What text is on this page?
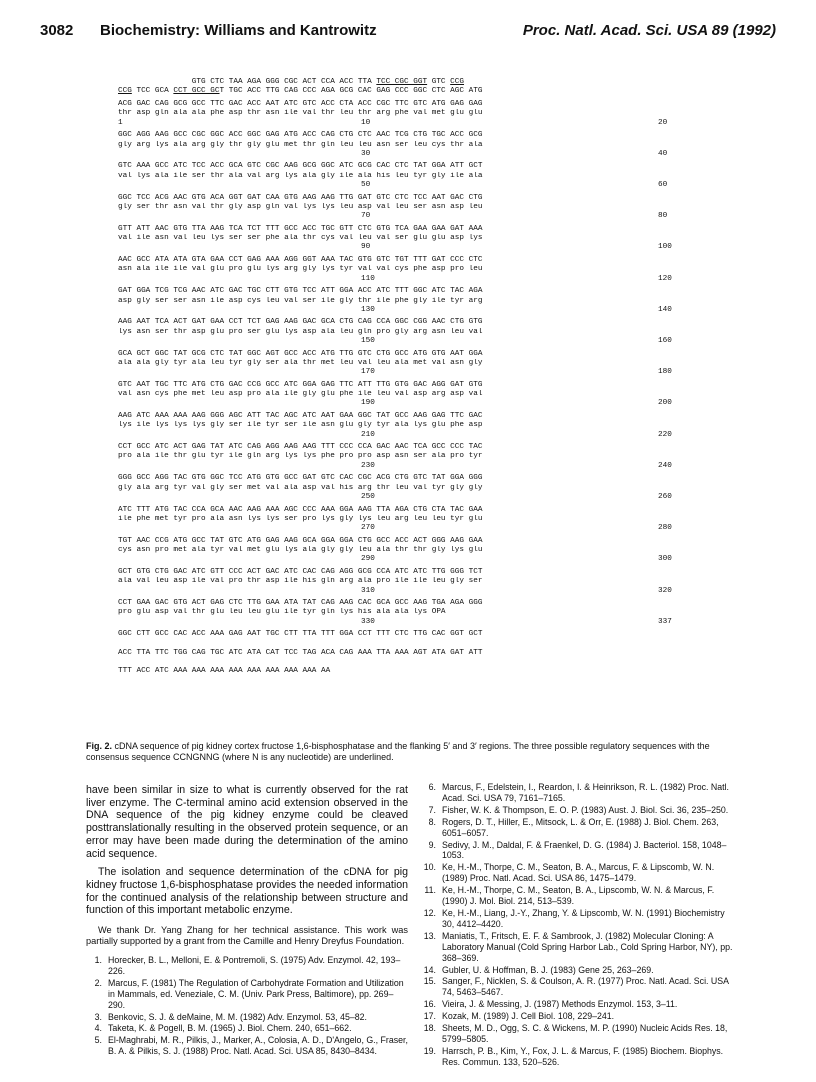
3082 Biochemistry: Williams and Kantrowitz	Proc. Natl. Acad. Sci. USA 89 (1992)
GTG CTC TAA AGA GGG CGC ACT CCA ACC TTA TCC CGC GGT GTC CCG
CCG TCC GCA CCT GCC GCT TGC ACC TTG CAG CCC AGA GCG CAC GAG CCC GGC CTC AGC ATG
ACG GAC CAG GCG GCC TTC GAC ACC AAT ATC GTC ACC CTA ACC CGC TTC GTC ATG GAG GAG
thr asp gln ala ala phe asp thr asn ile val thr leu thr arg phe val met glu glu
1	10	20
GGC AGG AAG GCC CGC GGC ACC GGC GAG ATG ACC CAG CTG CTC AAC TCG CTG TGC ACC GCG
gly arg lys ala arg gly thr gly glu met thr gln leu leu asn ser leu cys thr ala
30	40
GTC AAA GCC ATC TCC ACC GCA GTC CGC AAG GCG GGC ATC GCG CAC CTC TAT GGA ATT GCT
val lys ala ile ser thr ala val arg lys ala gly ile ala his leu tyr gly ile ala
50	60
GGC TCC ACG AAC GTG ACA GGT GAT CAA GTG AAG AAG TTG GAT GTC CTC TCC AAT GAC CTG
gly ser thr asn val thr gly asp gln val lys lys leu asp val leu ser asn asp leu
70	80
GTT ATT AAC GTG TTA AAG TCA TCT TTT GCC ACC TGC GTT CTC GTG TCA GAA GAA GAT AAA
val ile asn val leu lys ser ser phe ala thr cys val leu val ser glu glu asp lys
90	100
AAC GCC ATA ATA GTA GAA CCT GAG AAA AGG GGT AAA TAC GTG GTC TGT TTT GAT CCC CTC
asn ala ile ile val glu pro glu lys arg gly lys tyr val val cys phe asp pro leu
110	120
GAT GGA TCG TCG AAC ATC GAC TGC CTT GTG TCC ATT GGA ACC ATC TTT GGC ATC TAC AGA
asp gly ser ser asn ile asp cys leu val ser ile gly thr ile phe gly ile tyr arg
130	140
AAG AAT TCA ACT GAT GAA CCT TCT GAG AAG GAC GCA CTG CAG CCA GGC CGG AAC CTG GTG
lys asn ser thr asp glu pro ser glu lys asp ala leu gln pro gly arg asn leu val
150	160
GCA GCT GGC TAT GCG CTC TAT GGC AGT GCC ACC ATG TTG GTC CTG GCC ATG GTG AAT GGA
ala ala gly tyr ala leu tyr gly ser ala thr met leu val leu ala met val asn gly
170	180
GTC AAT TGC TTC ATG CTG GAC CCG GCC ATC GGA GAG TTC ATT TTG GTG GAC AGG GAT GTG
val asn cys phe met leu asp pro ala ile gly glu phe ile leu val asp arg asp val
190	200
AAG ATC AAA AAA AAG GGG AGC ATT TAC AGC ATC AAT GAA GGC TAT GCC AAG GAG TTC GAC
lys ile lys lys lys gly ser ile tyr ser ile asn glu gly tyr ala lys glu phe asp
210	220
CCT GCC ATC ACT GAG TAT ATC CAG AGG AAG AAG TTT CCC CCA GAC AAC TCA GCC CCC TAC
pro ala ile thr glu tyr ile gln arg lys lys phe pro pro asp asn ser ala pro tyr
230	240
GGG GCC AGG TAC GTG GGC TCC ATG GTG GCC GAT GTC CAC CGC ACG CTG GTC TAT GGA GGG
gly ala arg tyr val gly ser met val ala asp val his arg thr leu val tyr gly gly
250	260
ATC TTT ATG TAC CCA GCA AAC AAG AAA AGC CCC AAA GGA AAG TTA AGA CTG CTA TAC GAA
ile phe met tyr pro ala asn lys lys ser pro lys gly lys leu arg leu leu tyr glu
270	280
TGT AAC CCG ATG GCC TAT GTC ATG GAG AAG GCA GGA GGA CTG GCC ACC ACT GGG AAG GAA
cys asn pro met ala tyr val met glu lys ala gly gly leu ala thr thr gly lys glu
290	300
GCT GTG CTG GAC ATC GTT CCC ACT GAC ATC CAC CAG AGG GCG CCA ATC ATC TTG GGG TCT
ala val leu asp ile val pro thr asp ile his gln arg ala pro ile ile leu gly ser
310	320
CCT GAA GAC GTG ACT GAG CTC TTG GAA ATA TAT CAG AAG CAC GCA GCC AAG TGA AGA GGG
pro glu asp val thr glu leu leu glu ile tyr gln lys his ala ala lys OPA
330	337
GGC CTT GCC CAC ACC AAA GAG AAT TGC CTT TTA TTT GGA CCT TTT CTC TTG CAC GGT GCT
ACC TTA TTC TGG CAG TGC ATC ATA CAT TCC TAG ACA CAG AAA TTA AAA AGT ATA GAT ATT
TTT ACC ATC AAA AAA AAA AAA AAA AAA AAA AAA AA
Fig. 2. cDNA sequence of pig kidney cortex fructose 1,6-bisphosphatase and the flanking 5′ and 3′ regions. The three possible regulatory sequences with the consensus sequence CCNGNNG (where N is any nucleotide) are underlined.

have been similar in size to what is currently observed for the rat liver enzyme. The C-terminal amino acid extension observed in the DNA sequence of the pig kidney enzyme could be cleaved posttranslationally resulting in the observed protein sequence, or an error may have been made during the determination of the amino acid sequence.

The isolation and sequence determination of the cDNA for pig kidney fructose 1,6-bisphosphatase provides the needed information for the continued analysis of the relationship between structure and function of this important metabolic enzyme.

We thank Dr. Yang Zhang for her technical assistance. This work was partially supported by a grant from the Camille and Henry Dreyfus Foundation.

1. Horecker, B. L., Melloni, E. & Pontremoli, S. (1975) Adv. Enzymol. 42, 193–226.
2. Marcus, F. (1981) The Regulation of Carbohydrate Formation and Utilization in Mammals, ed. Veneziale, C. M. (Univ. Park Press, Baltimore), pp. 269–290.
3. Benkovic, S. J. & deMaine, M. M. (1982) Adv. Enzymol. 53, 45–82.
4. Taketa, K. & Pogell, B. M. (1965) J. Biol. Chem. 240, 651–662.
5. El-Maghrabi, M. R., Pilkis, J., Marker, A., Colosia, A. D., D'Angelo, G., Fraser, B. A. & Pilkis, S. J. (1988) Proc. Natl. Acad. Sci. USA 85, 8430–8434.
6. Marcus, F., Edelstein, I., Reardon, I. & Heinrikson, R. L. (1982) Proc. Natl. Acad. Sci. USA 79, 7161–7165.
7. Fisher, W. K. & Thompson, E. O. P. (1983) Aust. J. Biol. Sci. 36, 235–250.
8. Rogers, D. T., Hiller, E., Mitsock, L. & Orr, E. (1988) J. Biol. Chem. 263, 6051–6057.
9. Sedivy, J. M., Daldal, F. & Fraenkel, D. G. (1984) J. Bacteriol. 158, 1048–1053.
10. Ke, H.-M., Thorpe, C. M., Seaton, B. A., Marcus, F. & Lipscomb, W. N. (1989) Proc. Natl. Acad. Sci. USA 86, 1475–1479.
11. Ke, H.-M., Thorpe, C. M., Seaton, B. A., Lipscomb, W. N. & Marcus, F. (1990) J. Mol. Biol. 214, 513–539.
12. Ke, H.-M., Liang, J.-Y., Zhang, Y. & Lipscomb, W. N. (1991) Biochemistry 30, 4412–4420.
13. Maniatis, T., Fritsch, E. F. & Sambrook, J. (1982) Molecular Cloning: A Laboratory Manual (Cold Spring Harbor Lab., Cold Spring Harbor, NY), pp. 368–369.
14. Gubler, U. & Hoffman, B. J. (1983) Gene 25, 263–269.
15. Sanger, F., Nicklen, S. & Coulson, A. R. (1977) Proc. Natl. Acad. Sci. USA 74, 5463–5467.
16. Vieira, J. & Messing, J. (1987) Methods Enzymol. 153, 3–11.
17. Kozak, M. (1989) J. Cell Biol. 108, 229–241.
18. Sheets, M. D., Ogg, S. C. & Wickens, M. P. (1990) Nucleic Acids Res. 18, 5799–5805.
19. Harrsch, P. B., Kim, Y., Fox, J. L. & Marcus, F. (1985) Biochem. Biophys. Res. Commun. 133, 520–526.
